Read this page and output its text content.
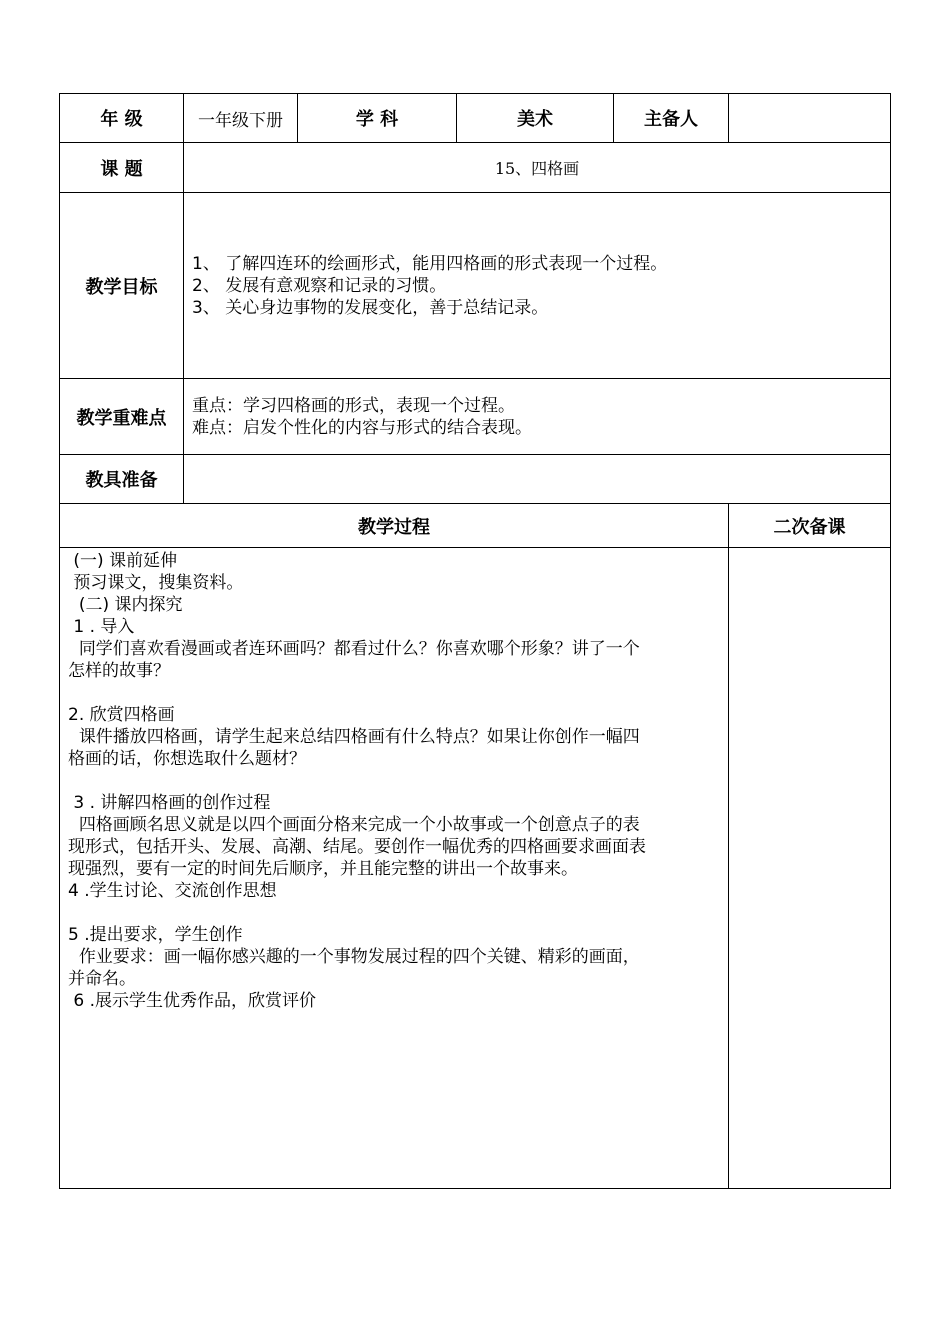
年 级	一年级下册	学 科	美术	主备人
课 题	15、四格画
教学目标
1、 了解四连环的绘画形式，能用四格画的形式表现一个过程。
2、 发展有意观察和记录的习惯。
3、 关心身边事物的发展变化，善于总结记录。
教学重难点
重点：学习四格画的形式，表现一个过程。
难点：启发个性化的内容与形式的结合表现。
教具准备
教学过程	二次备课
(一) 课前延伸
预习课文，搜集资料。
(二) 课内探究
1 . 导入
同学们喜欢看漫画或者连环画吗？都看过什么？你喜欢哪个形象？讲了一个
怎样的故事？
2. 欣赏四格画
课件播放四格画，请学生起来总结四格画有什么特点？如果让你创作一幅四
格画的话，你想选取什么题材？
3 . 讲解四格画的创作过程
四格画顾名思义就是以四个画面分格来完成一个小故事或一个创意点子的表
现形式，包括开头、发展、高潮、结尾。要创作一幅优秀的四格画要求画面表
现强烈，要有一定的时间先后顺序，并且能完整的讲出一个故事来。
4 .学生讨论、交流创作思想
5 .提出要求，学生创作
作业要求：画一幅你感兴趣的一个事物发展过程的四个关键、精彩的画面，
并命名。
6 .展示学生优秀作品，欣赏评价
